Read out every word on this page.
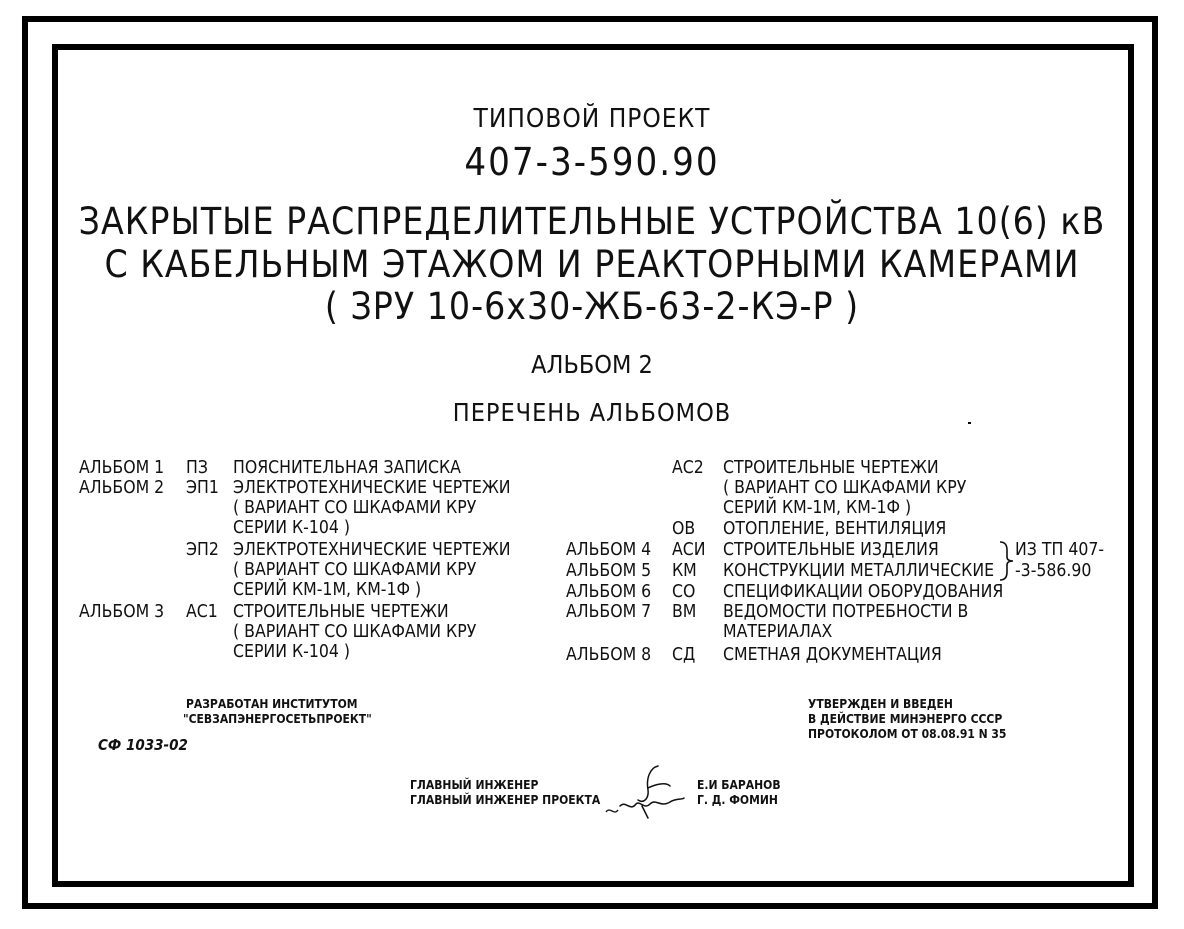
ТИПОВОЙ ПРОЕКТ
407-3-590.90
ЗАКРЫТЫЕ РАСПРЕДЕЛИТЕЛЬНЫЕ УСТРОЙСТВА 10(6) кВ
С КАБЕЛЬНЫМ ЭТАЖОМ И РЕАКТОРНЫМИ КАМЕРАМИ
( ЗРУ 10-6х30-ЖБ-63-2-КЭ-Р )
АЛЬБОМ 2
ПЕРЕЧЕНЬ АЛЬБОМОВ
АЛЬБОМ 1 ПЗ ПОЯСНИТЕЛЬНАЯ ЗАПИСКА
АЛЬБОМ 2 ЭП1 ЭЛЕКТРОТЕХНИЧЕСКИЕ ЧЕРТЕЖИ
( ВАРИАНТ СО ШКАФАМИ КРУ
СЕРИИ К-104 )
ЭП2 ЭЛЕКТРОТЕХНИЧЕСКИЕ ЧЕРТЕЖИ
( ВАРИАНТ СО ШКАФАМИ КРУ
СЕРИЙ КМ-1М, КМ-1Ф )
АЛЬБОМ 3 АС1 СТРОИТЕЛЬНЫЕ ЧЕРТЕЖИ
( ВАРИАНТ СО ШКАФАМИ КРУ
СЕРИИ К-104 )
АС2 СТРОИТЕЛЬНЫЕ ЧЕРТЕЖИ
( ВАРИАНТ СО ШКАФАМИ КРУ
СЕРИЙ КМ-1М, КМ-1Ф )
ОВ ОТОПЛЕНИЕ, ВЕНТИЛЯЦИЯ
АЛЬБОМ 4 АСИ СТРОИТЕЛЬНЫЕ ИЗДЕЛИЯ
АЛЬБОМ 5 КМ КОНСТРУКЦИИ МЕТАЛЛИЧЕСКИЕ
АЛЬБОМ 6 СО СПЕЦИФИКАЦИИ ОБОРУДОВАНИЯ
АЛЬБОМ 7 ВМ ВЕДОМОСТИ ПОТРЕБНОСТИ В
МАТЕРИАЛАХ
АЛЬБОМ 8 СД СМЕТНАЯ ДОКУМЕНТАЦИЯ
ИЗ ТП 407-
-3-586.90
РАЗРАБОТАН ИНСТИТУТОМ
"СЕВЗАПЭНЕРГОСЕТЬПРОЕКТ"
УТВЕРЖДЕН И ВВЕДЕН
В ДЕЙСТВИЕ МИНЭНЕРГО СССР
ПРОТОКОЛОМ ОТ 08.08.91 N 35
СФ 1033-02
ГЛАВНЫЙ ИНЖЕНЕР
ГЛАВНЫЙ ИНЖЕНЕР ПРОЕКТА
Е.И БАРАНОВ
Г. Д. ФОМИН
